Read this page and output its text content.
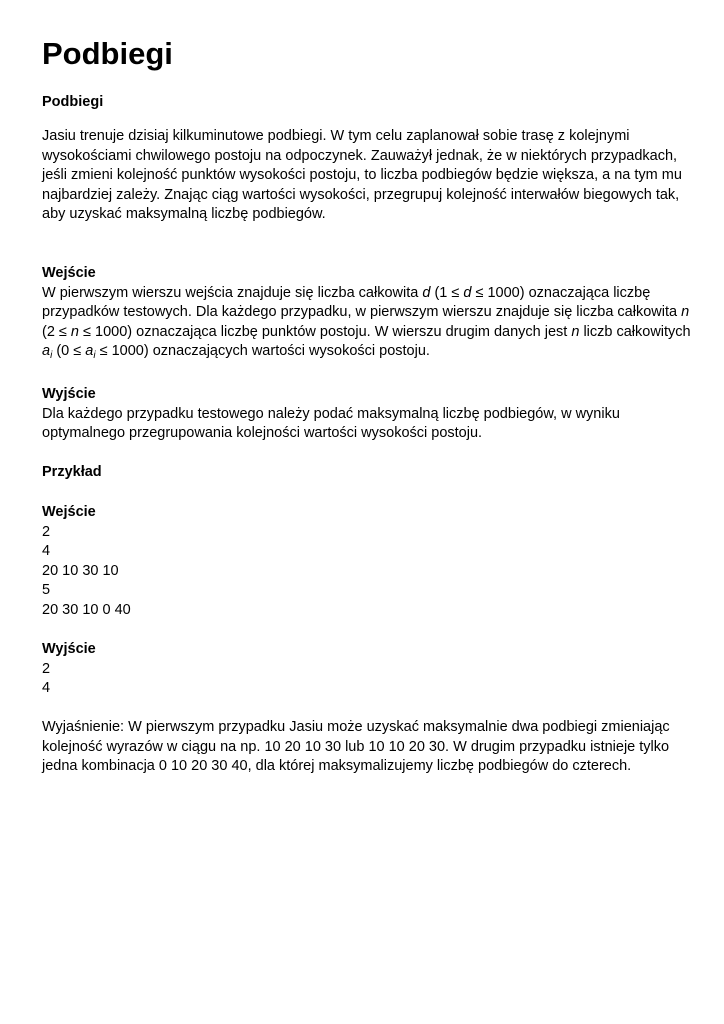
Podbiegi
Podbiegi

Jasiu trenuje dzisiaj kilkuminutowe podbiegi. W tym celu zaplanował sobie trasę z kolejnymi wysokościami chwilowego postoju na odpoczynek. Zauważył jednak, że w niektórych przypadkach, jeśli zmieni kolejność punktów wysokości postoju, to liczba podbiegów będzie większa, a na tym mu najbardziej zależy. Znając ciąg wartości wysokości, przegrupuj kolejność interwałów biegowych tak, aby uzyskać maksymalną liczbę podbiegów.

Wejście

W pierwszym wierszu wejścia znajduje się liczba całkowita d (1 ≤ d ≤ 1000) oznaczająca liczbę przypadków testowych. Dla każdego przypadku, w pierwszym wierszu znajduje się liczba całkowita n (2 ≤ n ≤ 1000) oznaczająca liczbę punktów postoju. W wierszu drugim danych jest n liczb całkowitych $a_i$ $(0 \le a_i \le 1000)$ oznaczających wartości wysokości postoju.

Wyjście

Dla każdego przypadku testowego należy podać maksymalną liczbę podbiegów, w wyniku optymalnego przegrupowania kolejności wartości wysokości postoju.

Przykład
Wejście
2
4
20 10 30 10
5
20 30 10 0 40
Wyjście
2
4

Wyjaśnienie: W pierwszym przypadku Jasiu może uzyskać maksymalnie dwa podbiegi zmieniając kolejność wyrazów w ciągu na np. 10 20 10 30 lub 10 10 20 30. W drugim przypadku istnieje tylko jedna kombinacja 0 10 20 30 40, dla której maksymalizujemy liczbę podbiegów do czterech.
